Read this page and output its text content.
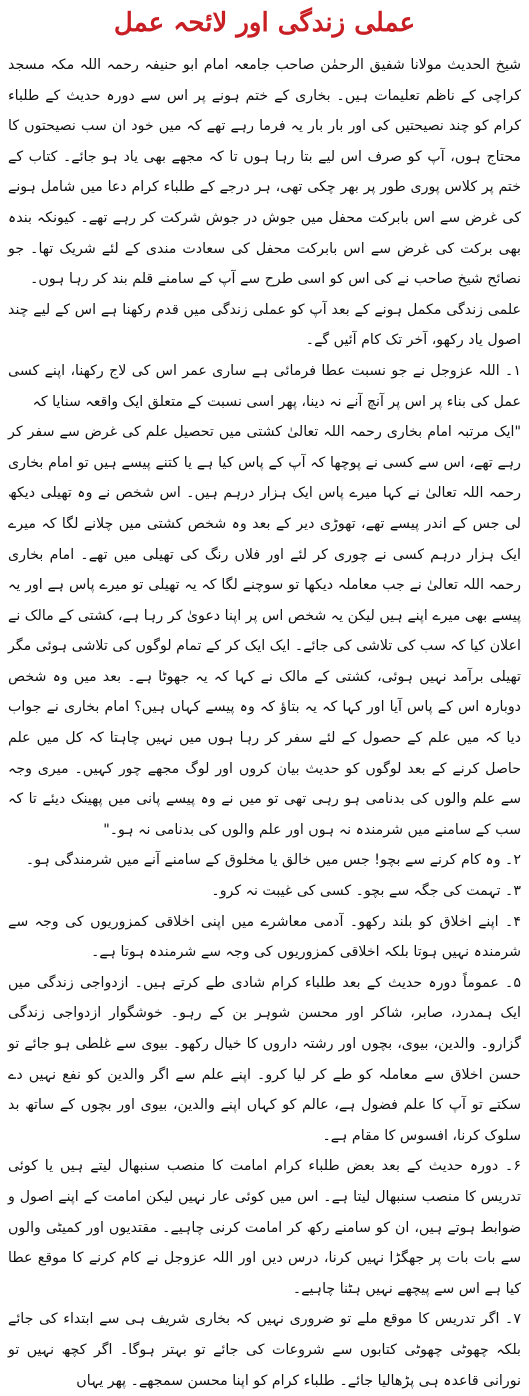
عملی زندگی اور لائحہ عمل

شیخ الحدیث مولانا شفیق الرحمٰن صاحب جامعہ امام ابو حنیفہ رحمہ اللہ مکہ مسجد کراچی کے ناظم تعلیمات ہیں۔ بخاری کے ختم ہونے پر اس سے دورہ حدیث کے طلباء کرام کو چند نصیحتیں کی اور بار بار یہ فرما رہے تھے کہ میں خود ان سب نصیحتوں کا محتاج ہوں، آپ کو صرف اس لیے بتا رہا ہوں تا کہ مجھے بھی یاد ہو جائے۔ کتاب کے ختم پر کلاس پوری طور پر بھر چکی تھی، ہر درجے کے طلباء کرام دعا میں شامل ہونے کی غرض سے اس بابرکت محفل میں جوش در جوش شرکت کر رہے تھے۔ کیونکہ بندہ بھی برکت کی غرض سے اس بابرکت محفل کی سعادت مندی کے لئے شریک تھا۔ جو نصائح شیخ صاحب نے کی اس کو اسی طرح سے آپ کے سامنے قلم بند کر رہا ہوں۔

علمی زندگی مکمل ہونے کے بعد آپ کو عملی زندگی میں قدم رکھنا ہے اس کے لیے چند اصول یاد رکھو، آخر تک کام آئیں گے۔

۱۔ اللہ عزوجل نے جو نسبت عطا فرمائی ہے ساری عمر اس کی لاج رکھنا، اپنے کسی عمل کی بناء پر اس پر آنچ آنے نہ دینا، پھر اسی نسبت کے متعلق ایک واقعہ سنایا کہ

"ایک مرتبہ امام بخاری رحمہ اللہ تعالیٰ کشتی میں تحصیل علم کی غرض سے سفر کر رہے تھے، اس سے کسی نے پوچھا کہ آپ کے پاس کیا ہے یا کتنے پیسے ہیں تو امام بخاری رحمہ اللہ تعالیٰ نے کہا میرے پاس ایک ہزار درہم ہیں۔ اس شخص نے وہ تھیلی دیکھ لی جس کے اندر پیسے تھے، تھوڑی دیر کے بعد وہ شخص کشتی میں چلانے لگا کہ میرے ایک ہزار درہم کسی نے چوری کر لئے اور فلاں رنگ کی تھیلی میں تھے۔ امام بخاری رحمہ اللہ تعالیٰ نے جب معاملہ دیکھا تو سوچنے لگا کہ یہ تھیلی تو میرے پاس ہے اور یہ پیسے بھی میرے اپنے ہیں لیکن یہ شخص اس پر اپنا دعویٰ کر رہا ہے، کشتی کے مالک نے اعلان کیا کہ سب کی تلاشی کی جائے۔ ایک ایک کر کے تمام لوگوں کی تلاشی ہوئی مگر تھیلی برآمد نہیں ہوئی، کشتی کے مالک نے کہا کہ یہ جھوٹا ہے۔ بعد میں وہ شخص دوبارہ اس کے پاس آیا اور کہا کہ یہ بتاؤ کہ وہ پیسے کہاں ہیں؟ امام بخاری نے جواب دیا کہ میں علم کے حصول کے لئے سفر کر رہا ہوں میں نہیں چاہتا کہ کل میں علم حاصل کرنے کے بعد لوگوں کو حدیث بیان کروں اور لوگ مجھے چور کہیں۔ میری وجہ سے علم والوں کی بدنامی ہو رہی تھی تو میں نے وہ پیسے پانی میں پھینک دیئے تا کہ سب کے سامنے میں شرمندہ نہ ہوں اور علم والوں کی بدنامی نہ ہو۔"

۲۔ وہ کام کرنے سے بچو! جس میں خالق یا مخلوق کے سامنے آنے میں شرمندگی ہو۔

۳۔ تہمت کی جگہ سے بچو۔ کسی کی غیبت نہ کرو۔

۴۔ اپنے اخلاق کو بلند رکھو۔ آدمی معاشرے میں اپنی اخلاقی کمزوریوں کی وجہ سے شرمندہ نہیں ہوتا بلکہ اخلاقی کمزوریوں کی وجہ سے شرمندہ ہوتا ہے۔

۵۔ عموماً دورہ حدیث کے بعد طلباء کرام شادی طے کرتے ہیں۔ ازدواجی زندگی میں ایک ہمدرد، صابر، شاکر اور محسن شوہر بن کے رہو۔ خوشگوار ازدواجی زندگی گزارو۔ والدین، بیوی، بچوں اور رشتہ داروں کا خیال رکھو۔ بیوی سے غلطی ہو جائے تو حسن اخلاق سے معاملہ کو طے کر لیا کرو۔ اپنے علم سے اگر والدین کو نفع نہیں دے سکتے تو آپ کا علم فضول ہے، عالم کو کہاں اپنے والدین، بیوی اور بچوں کے ساتھ بد سلوک کرنا، افسوس کا مقام ہے۔

۶۔ دورہ حدیث کے بعد بعض طلباء کرام امامت کا منصب سنبھال لیتے ہیں یا کوئی تدریس کا منصب سنبھال لیتا ہے۔ اس میں کوئی عار نہیں لیکن امامت کے اپنے اصول و ضوابط ہوتے ہیں، ان کو سامنے رکھ کر امامت کرنی چاہیے۔ مقتدیوں اور کمیٹی والوں سے بات بات پر جھگڑا نہیں کرنا، درس دیں اور اللہ عزوجل نے کام کرنے کا موقع عطا کیا ہے اس سے پیچھے نہیں ہٹنا چاہیے۔

۷۔ اگر تدریس کا موقع ملے تو ضروری نہیں کہ بخاری شریف ہی سے ابتداء کی جائے بلکہ چھوٹی چھوٹی کتابوں سے شروعات کی جائے تو بہتر ہوگا۔ اگر کچھ نہیں تو نورانی قاعدہ ہی پڑھالیا جائے۔ طلباء کرام کو اپنا محسن سمجھے۔ پھر یہاں
